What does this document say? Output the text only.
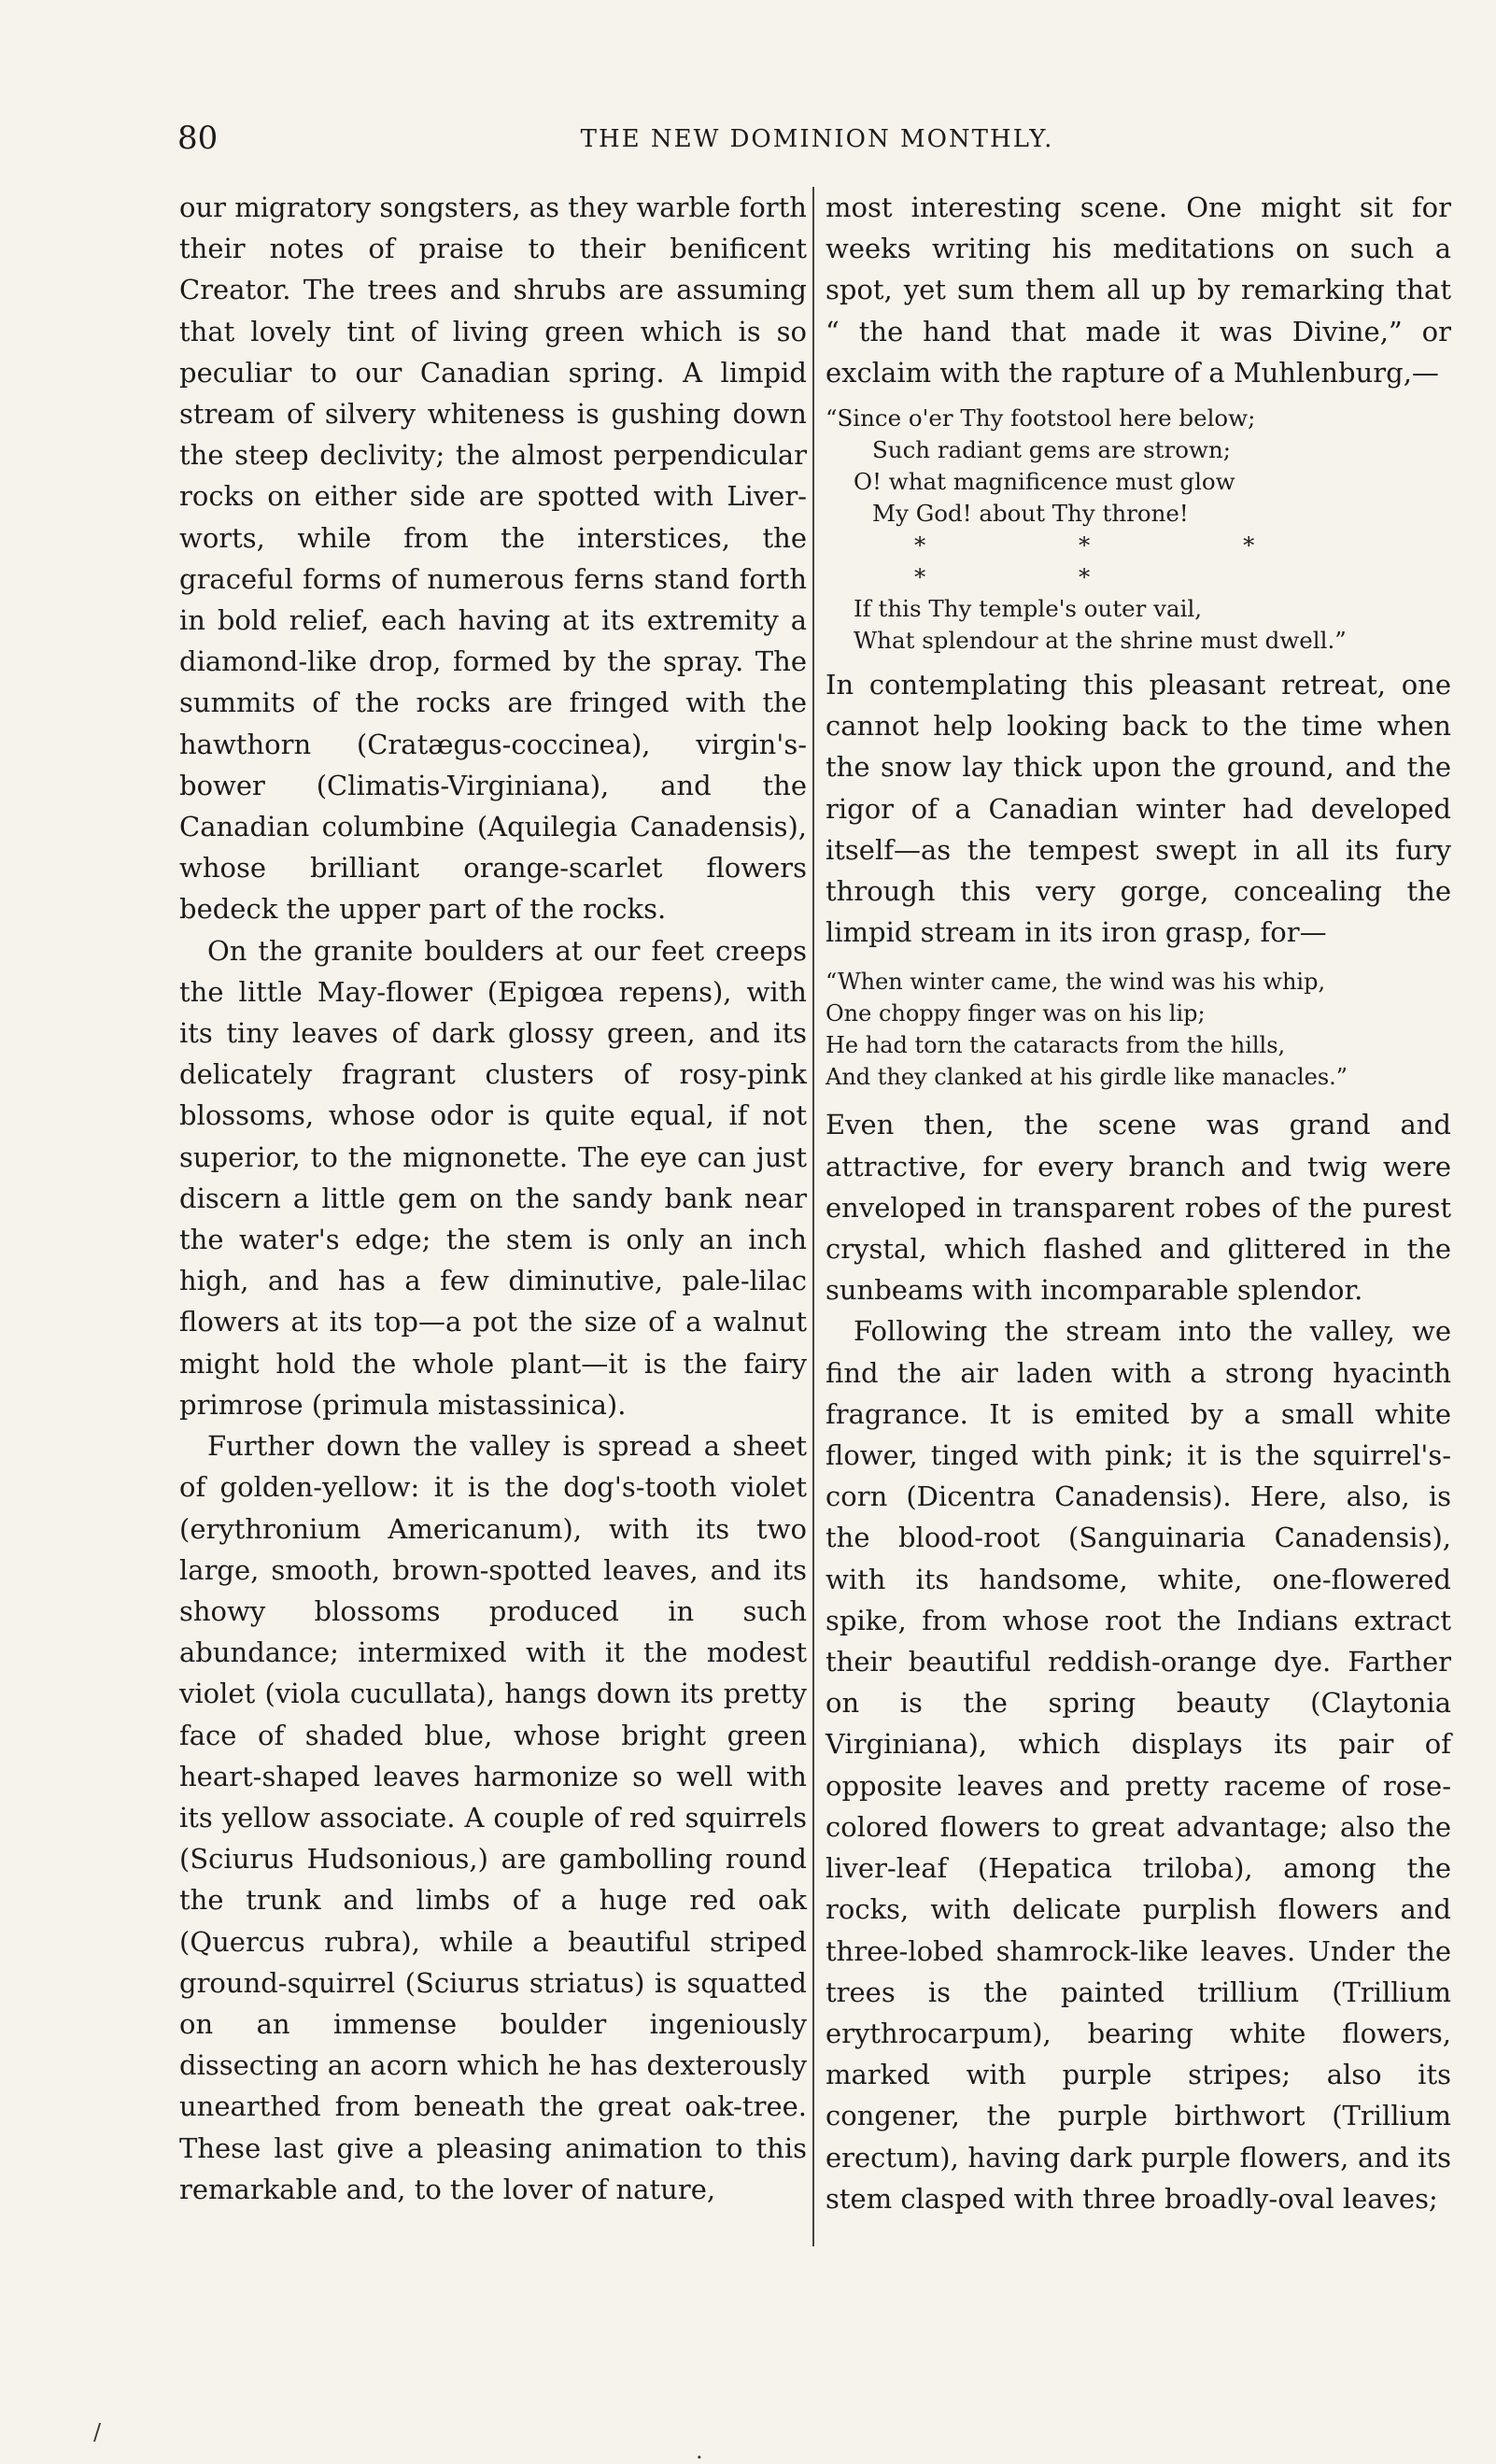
80	THE NEW DOMINION MONTHLY.

our migratory songsters, as they warble forth their notes of praise to their benificent Creator. The trees and shrubs are assuming that lovely tint of living green which is so peculiar to our Canadian spring. A limpid stream of silvery whiteness is gushing down the steep declivity; the almost perpendicular rocks on either side are spotted with Liver-worts, while from the interstices, the graceful forms of numerous ferns stand forth in bold relief, each having at its extremity a diamond-like drop, formed by the spray. The summits of the rocks are fringed with the hawthorn (Cratægus-coccinea), virgin's-bower (Climatis-Virginiana), and the Canadian columbine (Aquilegia Canadensis), whose brilliant orange-scarlet flowers bedeck the upper part of the rocks.

On the granite boulders at our feet creeps the little May-flower (Epigœa repens), with its tiny leaves of dark glossy green, and its delicately fragrant clusters of rosy-pink blossoms, whose odor is quite equal, if not superior, to the mignonette. The eye can just discern a little gem on the sandy bank near the water's edge; the stem is only an inch high, and has a few diminutive, pale-lilac flowers at its top—a pot the size of a walnut might hold the whole plant—it is the fairy primrose (primula mistassinica).

Further down the valley is spread a sheet of golden-yellow: it is the dog's-tooth violet (erythronium Americanum), with its two large, smooth, brown-spotted leaves, and its showy blossoms produced in such abundance; intermixed with it the modest violet (viola cucullata), hangs down its pretty face of shaded blue, whose bright green heart-shaped leaves harmonize so well with its yellow associate. A couple of red squirrels (Sciurus Hudsonious,) are gambolling round the trunk and limbs of a huge red oak (Quercus rubra), while a beautiful striped ground-squirrel (Sciurus striatus) is squatted on an immense boulder ingeniously dissecting an acorn which he has dexterously unearthed from beneath the great oak-tree. These last give a pleasing animation to this remarkable and, to the lover of nature,

most interesting scene. One might sit for weeks writing his meditations on such a spot, yet sum them all up by remarking that “ the hand that made it was Divine,” or exclaim with the rapture of a Muhlenburg,—

“Since o'er Thy footstool here below;
Such radiant gems are strown;
O! what magnificence must glow
My God! about Thy throne!
* * * * *
If this Thy temple's outer vail,
What splendour at the shrine must dwell.”

In contemplating this pleasant retreat, one cannot help looking back to the time when the snow lay thick upon the ground, and the rigor of a Canadian winter had developed itself—as the tempest swept in all its fury through this very gorge, concealing the limpid stream in its iron grasp, for—

“When winter came, the wind was his whip,
One choppy finger was on his lip;
He had torn the cataracts from the hills,
And they clanked at his girdle like manacles.”

Even then, the scene was grand and attractive, for every branch and twig were enveloped in transparent robes of the purest crystal, which flashed and glittered in the sunbeams with incomparable splendor.

Following the stream into the valley, we find the air laden with a strong hyacinth fragrance. It is emited by a small white flower, tinged with pink; it is the squirrel's-corn (Dicentra Canadensis). Here, also, is the blood-root (Sanguinaria Canadensis), with its handsome, white, one-flowered spike, from whose root the Indians extract their beautiful reddish-orange dye. Farther on is the spring beauty (Claytonia Virginiana), which displays its pair of opposite leaves and pretty raceme of rose-colored flowers to great advantage; also the liver-leaf (Hepatica triloba), among the rocks, with delicate purplish flowers and three-lobed shamrock-like leaves. Under the trees is the painted trillium (Trillium erythrocarpum), bearing white flowers, marked with purple stripes; also its congener, the purple birthwort (Trillium erectum), having dark purple flowers, and its stem clasped with three broadly-oval leaves;

/
.
